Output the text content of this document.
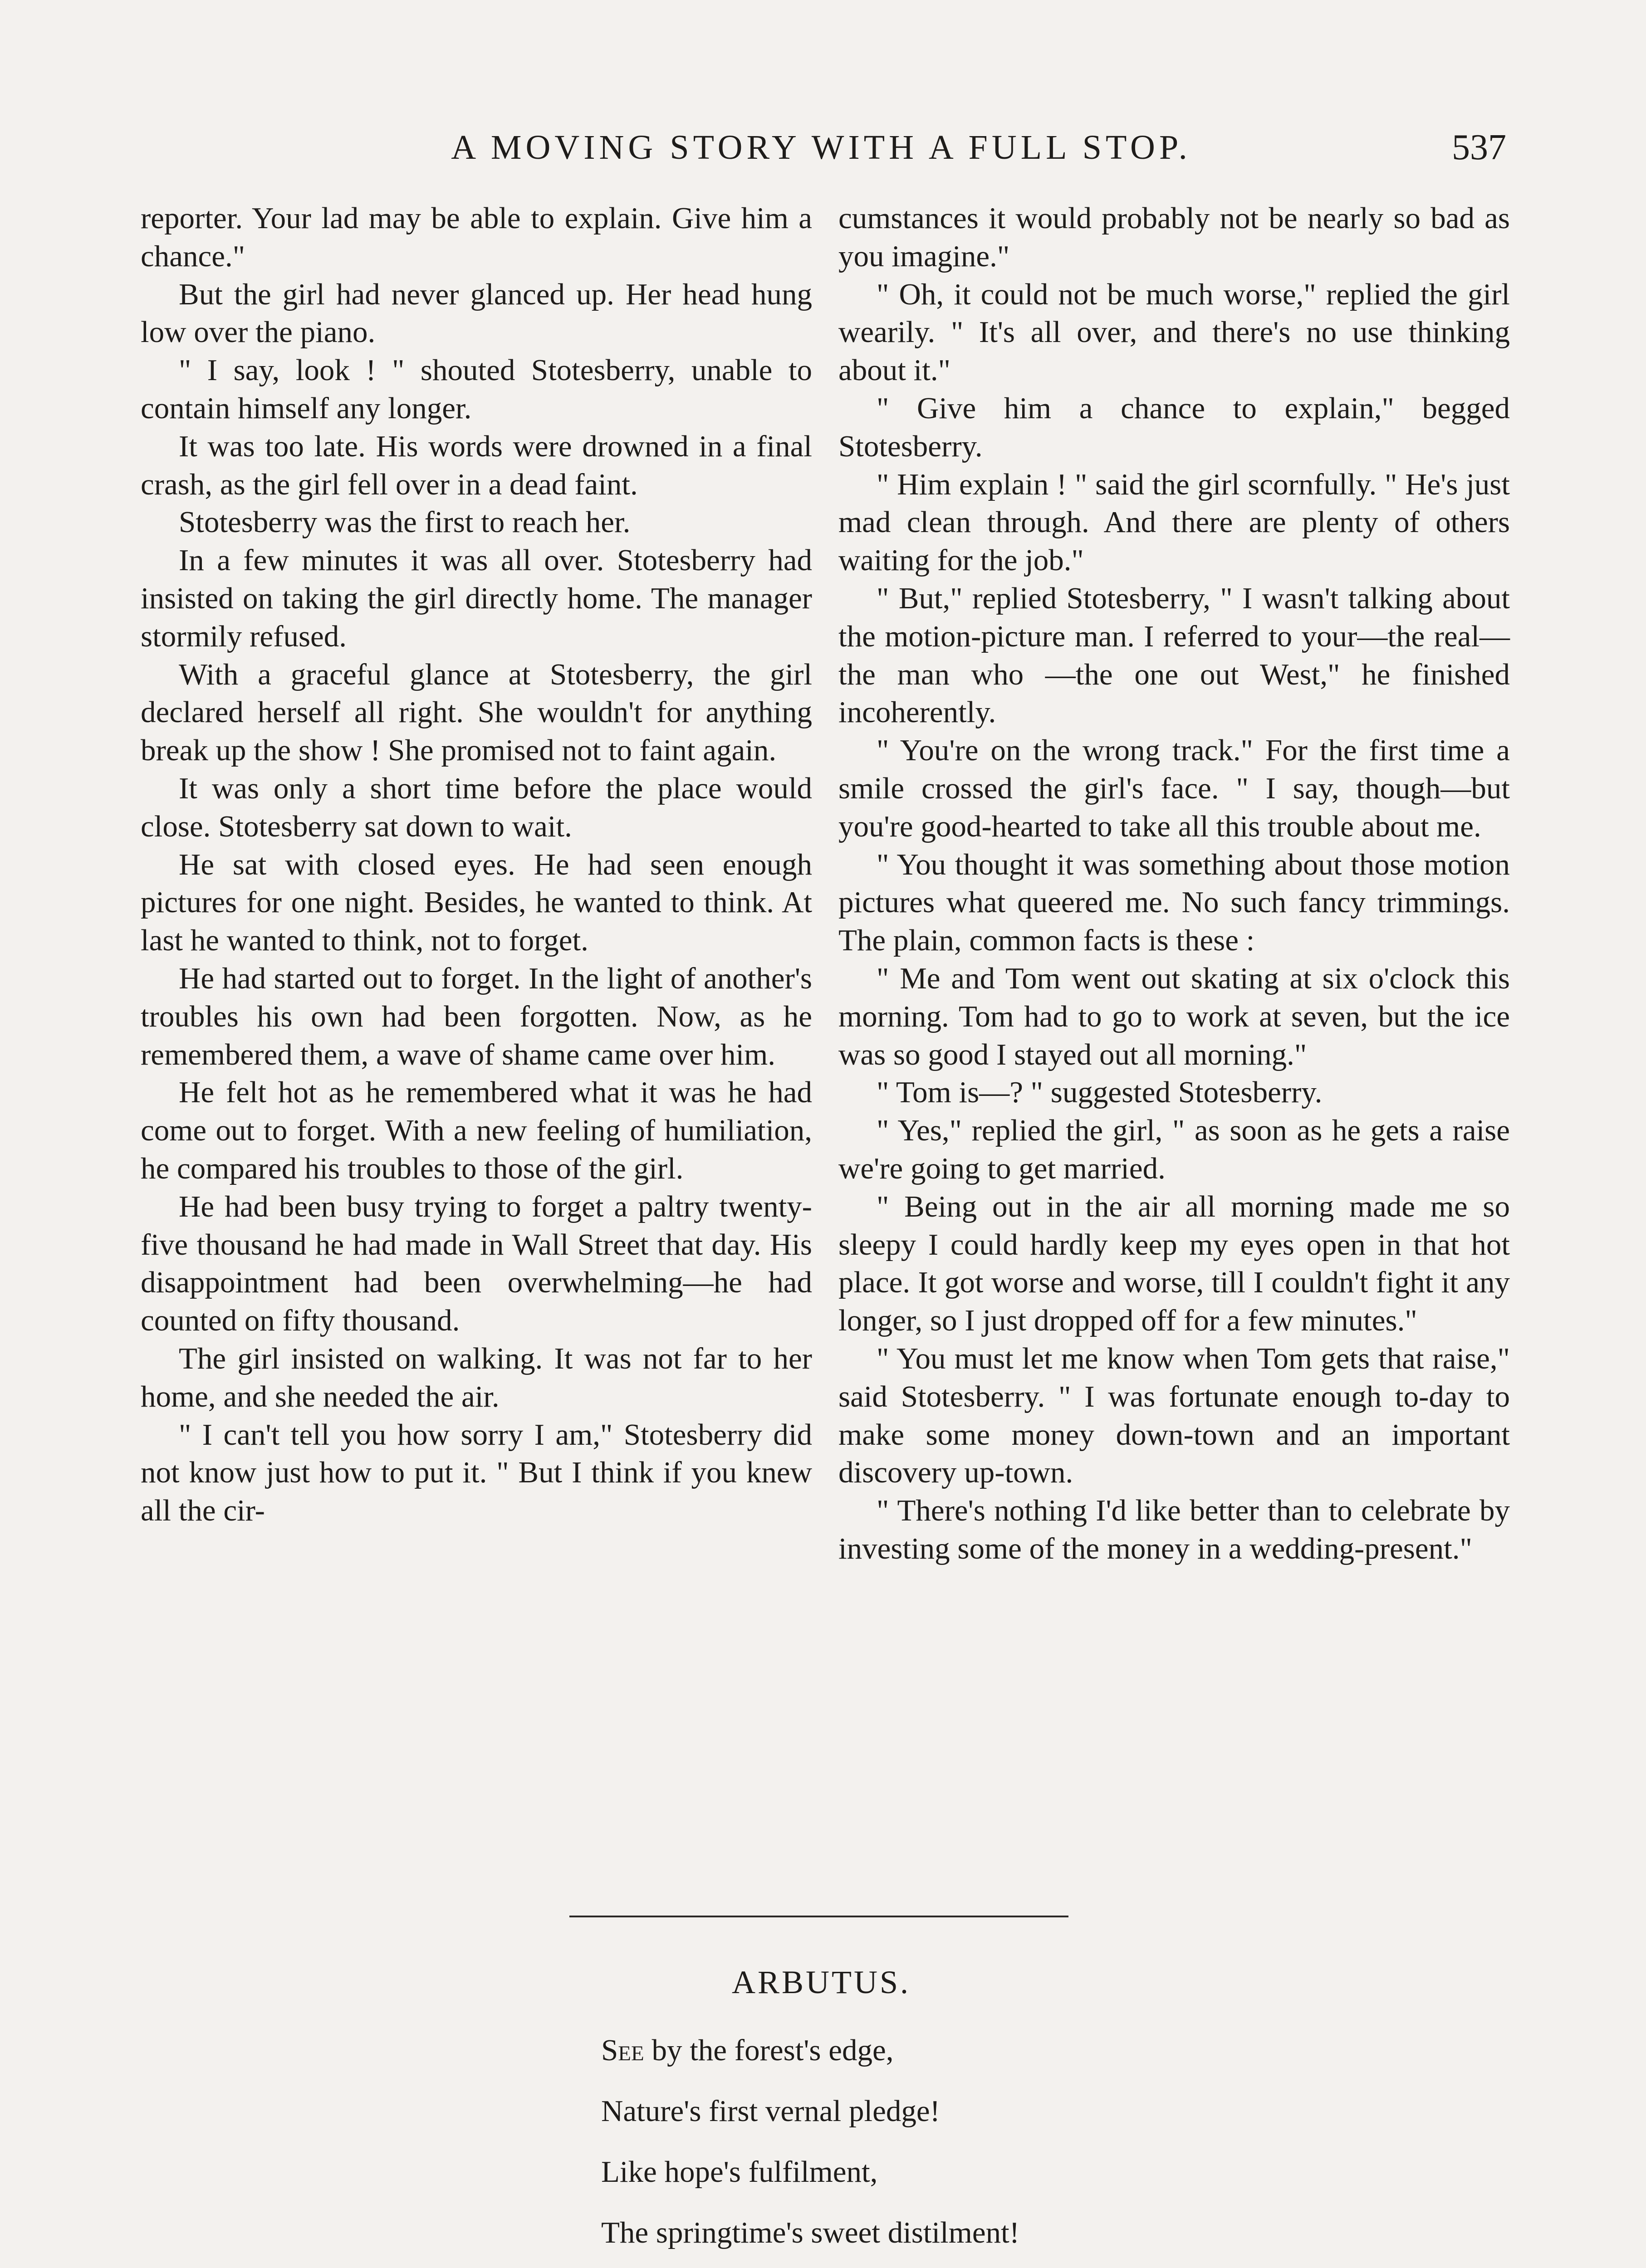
A MOVING STORY WITH A FULL STOP.	537

reporter. Your lad may be able to explain. Give him a chance."

But the girl had never glanced up. Her head hung low over the piano.

" I say, look ! " shouted Stotesberry, unable to contain himself any longer.

It was too late. His words were drowned in a final crash, as the girl fell over in a dead faint.

Stotesberry was the first to reach her.

In a few minutes it was all over. Stotesberry had insisted on taking the girl directly home. The manager stormily refused.

With a graceful glance at Stotesberry, the girl declared herself all right. She wouldn't for anything break up the show ! She promised not to faint again.

It was only a short time before the place would close. Stotesberry sat down to wait.

He sat with closed eyes. He had seen enough pictures for one night. Besides, he wanted to think. At last he wanted to think, not to forget.

He had started out to forget. In the light of another's troubles his own had been forgotten. Now, as he remembered them, a wave of shame came over him.

He felt hot as he remembered what it was he had come out to forget. With a new feeling of humiliation, he compared his troubles to those of the girl.

He had been busy trying to forget a paltry twenty-five thousand he had made in Wall Street that day. His disappointment had been overwhelming—he had counted on fifty thousand.

The girl insisted on walking. It was not far to her home, and she needed the air.

" I can't tell you how sorry I am," Stotesberry did not know just how to put it. " But I think if you knew all the cir-

cumstances it would probably not be nearly so bad as you imagine."

" Oh, it could not be much worse," replied the girl wearily. " It's all over, and there's no use thinking about it."

" Give him a chance to explain," begged Stotesberry.

" Him explain ! " said the girl scornfully. " He's just mad clean through. And there are plenty of others waiting for the job."

" But," replied Stotesberry, " I wasn't talking about the motion-picture man. I referred to your—the real—the man who —the one out West," he finished incoherently.

" You're on the wrong track." For the first time a smile crossed the girl's face. " I say, though—but you're good-hearted to take all this trouble about me.

" You thought it was something about those motion pictures what queered me. No such fancy trimmings. The plain, common facts is these :

" Me and Tom went out skating at six o'clock this morning. Tom had to go to work at seven, but the ice was so good I stayed out all morning."

" Tom is—? " suggested Stotesberry.

" Yes," replied the girl, " as soon as he gets a raise we're going to get married.

" Being out in the air all morning made me so sleepy I could hardly keep my eyes open in that hot place. It got worse and worse, till I couldn't fight it any longer, so I just dropped off for a few minutes."

" You must let me know when Tom gets that raise," said Stotesberry. " I was fortunate enough to-day to make some money down-town and an important discovery up-town.

" There's nothing I'd like better than to celebrate by investing some of the money in a wedding-present."

ARBUTUS.
See by the forest's edge,
Nature's first vernal pledge!
Like hope's fulfilment,
The springtime's sweet distilment!
